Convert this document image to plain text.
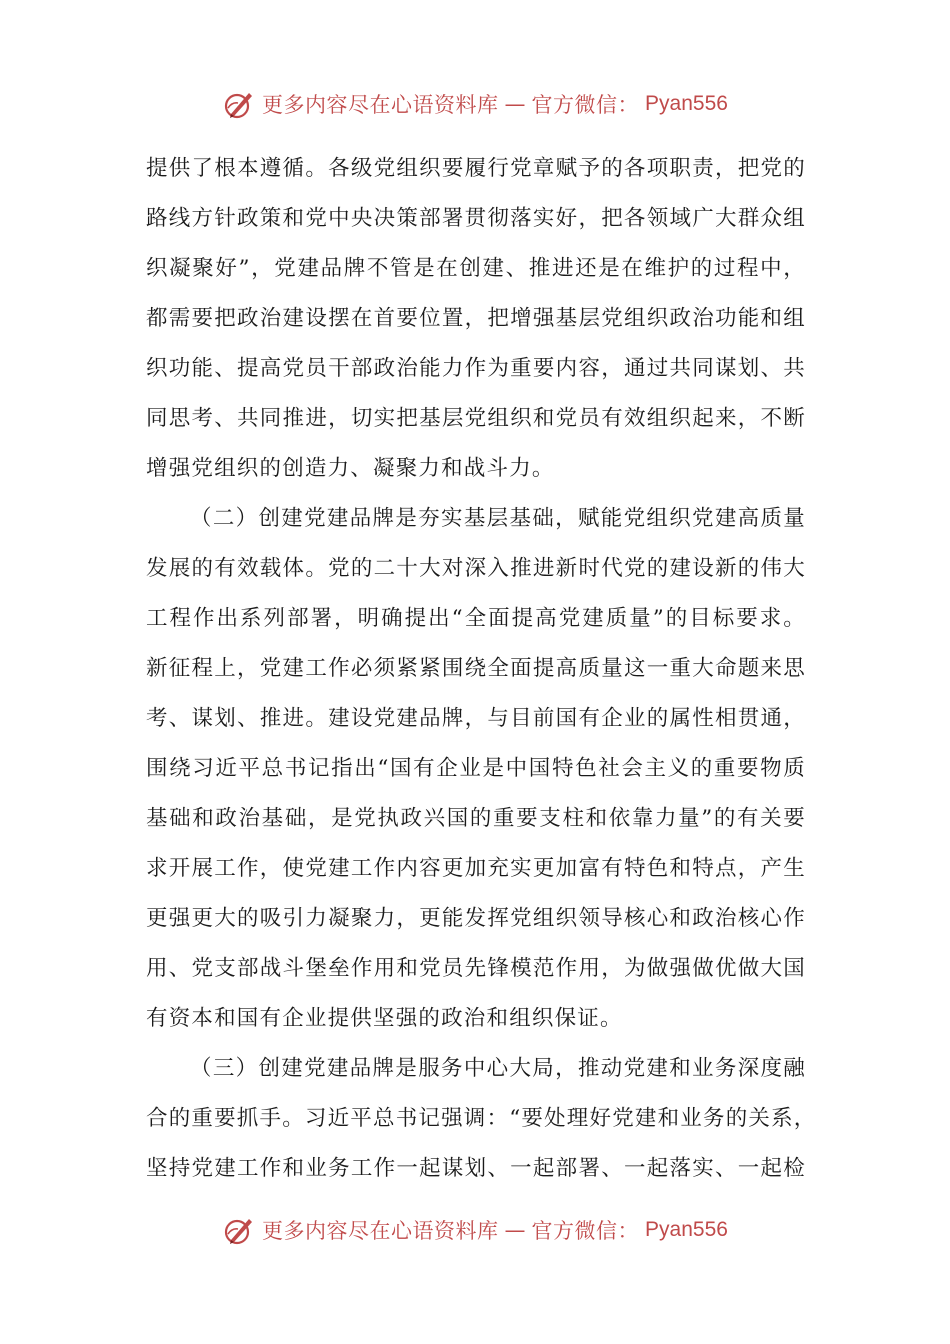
更多内容尽在心语资料库 — 官方微信： Pyan556
提供了根本遵循。各级党组织要履行党章赋予的各项职责，把党的
路线方针政策和党中央决策部署贯彻落实好，把各领域广大群众组
织凝聚好”，党建品牌不管是在创建、推进还是在维护的过程中，
都需要把政治建设摆在首要位置，把增强基层党组织政治功能和组
织功能、提高党员干部政治能力作为重要内容，通过共同谋划、共
同思考、共同推进，切实把基层党组织和党员有效组织起来，不断
增强党组织的创造力、凝聚力和战斗力。
（二）创建党建品牌是夯实基层基础，赋能党组织党建高质量
发展的有效载体。党的二十大对深入推进新时代党的建设新的伟大
工程作出系列部署，明确提出“全面提高党建质量”的目标要求。
新征程上，党建工作必须紧紧围绕全面提高质量这一重大命题来思
考、谋划、推进。建设党建品牌，与目前国有企业的属性相贯通，
围绕习近平总书记指出“国有企业是中国特色社会主义的重要物质
基础和政治基础，是党执政兴国的重要支柱和依靠力量”的有关要
求开展工作，使党建工作内容更加充实更加富有特色和特点，产生
更强更大的吸引力凝聚力，更能发挥党组织领导核心和政治核心作
用、党支部战斗堡垒作用和党员先锋模范作用，为做强做优做大国
有资本和国有企业提供坚强的政治和组织保证。
（三）创建党建品牌是服务中心大局，推动党建和业务深度融
合的重要抓手。习近平总书记强调：“要处理好党建和业务的关系，
坚持党建工作和业务工作一起谋划、一起部署、一起落实、一起检
更多内容尽在心语资料库 — 官方微信： Pyan556
